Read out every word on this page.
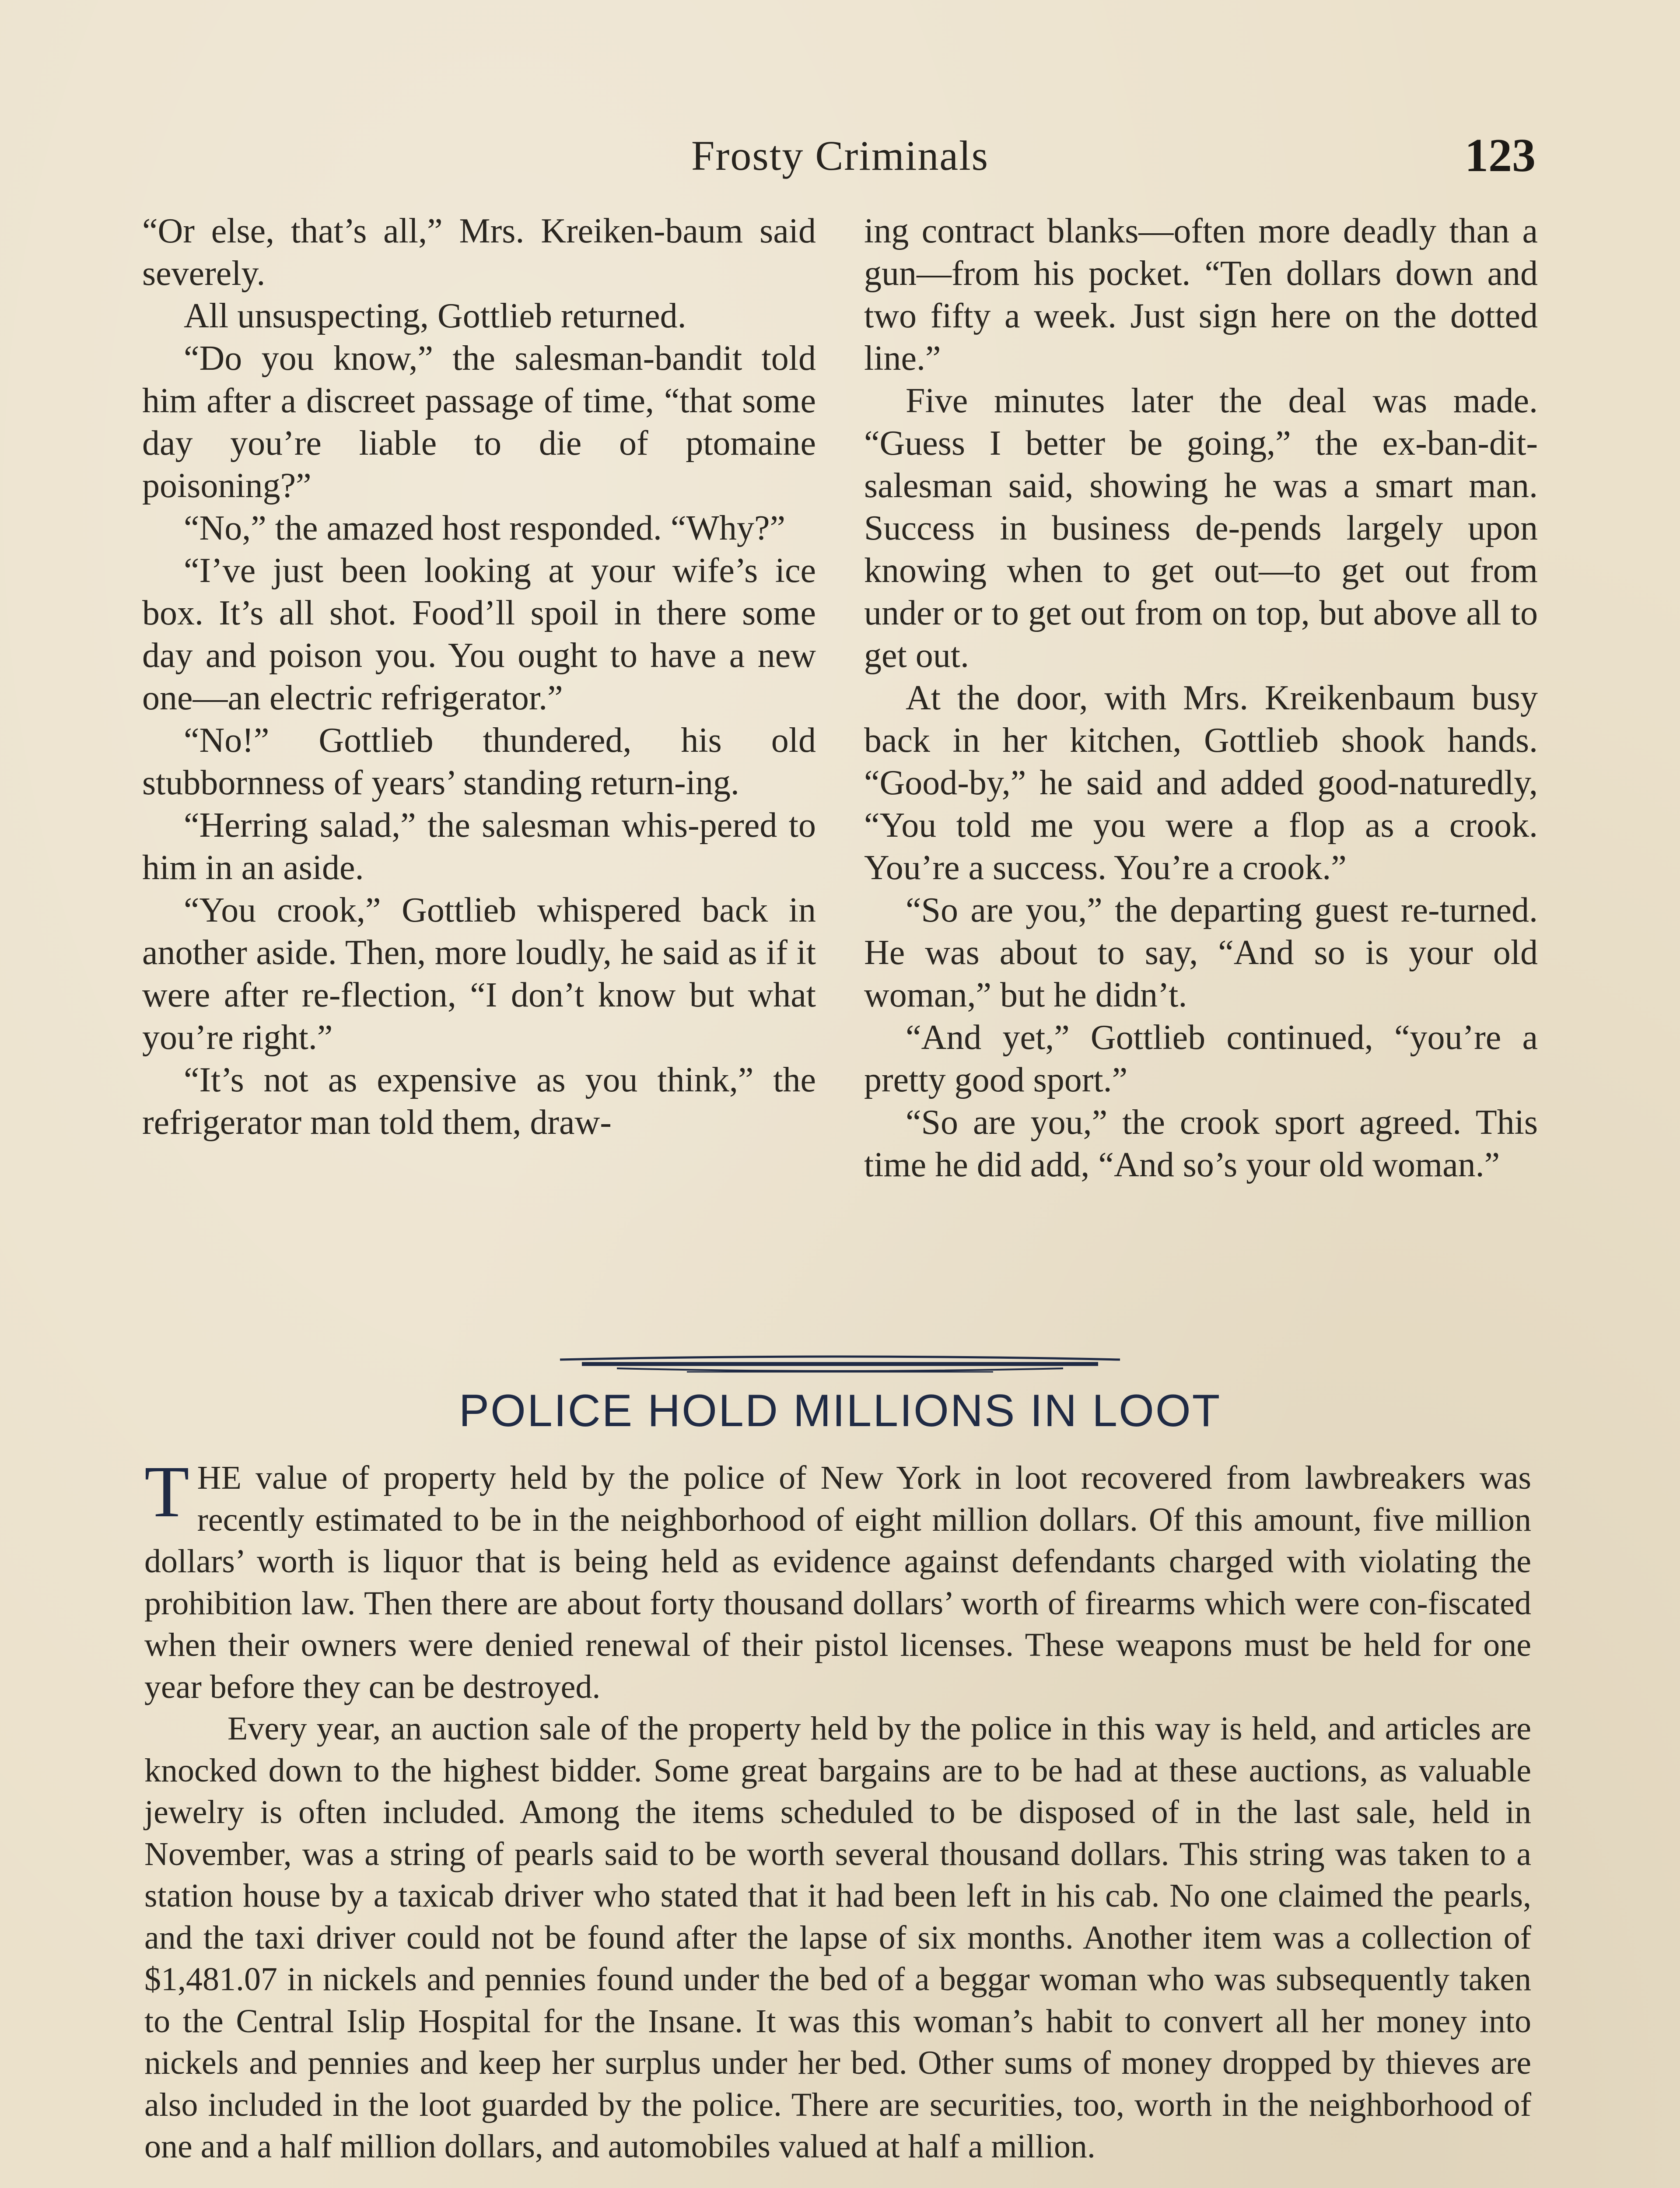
Frosty Criminals	123

“Or else, that’s all,” Mrs. Kreiken-baum said severely.

All unsuspecting, Gottlieb returned.

“Do you know,” the salesman-bandit told him after a discreet passage of time, “that some day you’re liable to die of ptomaine poisoning?”

“No,” the amazed host responded. “Why?”

“I’ve just been looking at your wife’s ice box. It’s all shot. Food’ll spoil in there some day and poison you. You ought to have a new one—an electric refrigerator.”

“No!” Gottlieb thundered, his old stubbornness of years’ standing return-ing.

“Herring salad,” the salesman whis-pered to him in an aside.

“You crook,” Gottlieb whispered back in another aside. Then, more loudly, he said as if it were after re-flection, “I don’t know but what you’re right.”

“It’s not as expensive as you think,” the refrigerator man told them, draw-

ing contract blanks—often more deadly than a gun—from his pocket. “Ten dollars down and two fifty a week. Just sign here on the dotted line.”

Five minutes later the deal was made. “Guess I better be going,” the ex-ban-dit-salesman said, showing he was a smart man. Success in business de-pends largely upon knowing when to get out—to get out from under or to get out from on top, but above all to get out.

At the door, with Mrs. Kreikenbaum busy back in her kitchen, Gottlieb shook hands. “Good-by,” he said and added good-naturedly, “You told me you were a flop as a crook. You’re a success. You’re a crook.”

“So are you,” the departing guest re-turned. He was about to say, “And so is your old woman,” but he didn’t.

“And yet,” Gottlieb continued, “you’re a pretty good sport.”

“So are you,” the crook sport agreed. This time he did add, “And so’s your old woman.”

POLICE HOLD MILLIONS IN LOOT

THE value of property held by the police of New York in loot recovered from lawbreakers was recently estimated to be in the neighborhood of eight million dollars. Of this amount, five million dollars’ worth is liquor that is being held as evidence against defendants charged with violating the prohibition law. Then there are about forty thousand dollars’ worth of firearms which were con-fiscated when their owners were denied renewal of their pistol licenses. These weapons must be held for one year before they can be destroyed.

Every year, an auction sale of the property held by the police in this way is held, and articles are knocked down to the highest bidder. Some great bargains are to be had at these auctions, as valuable jewelry is often included. Among the items scheduled to be disposed of in the last sale, held in November, was a string of pearls said to be worth several thousand dollars. This string was taken to a station house by a taxicab driver who stated that it had been left in his cab. No one claimed the pearls, and the taxi driver could not be found after the lapse of six months. Another item was a collection of $1,481.07 in nickels and pennies found under the bed of a beggar woman who was subsequently taken to the Central Islip Hospital for the Insane. It was this woman’s habit to convert all her money into nickels and pennies and keep her surplus under her bed. Other sums of money dropped by thieves are also included in the loot guarded by the police. There are securities, too, worth in the neighborhood of one and a half million dollars, and automobiles valued at half a million.
